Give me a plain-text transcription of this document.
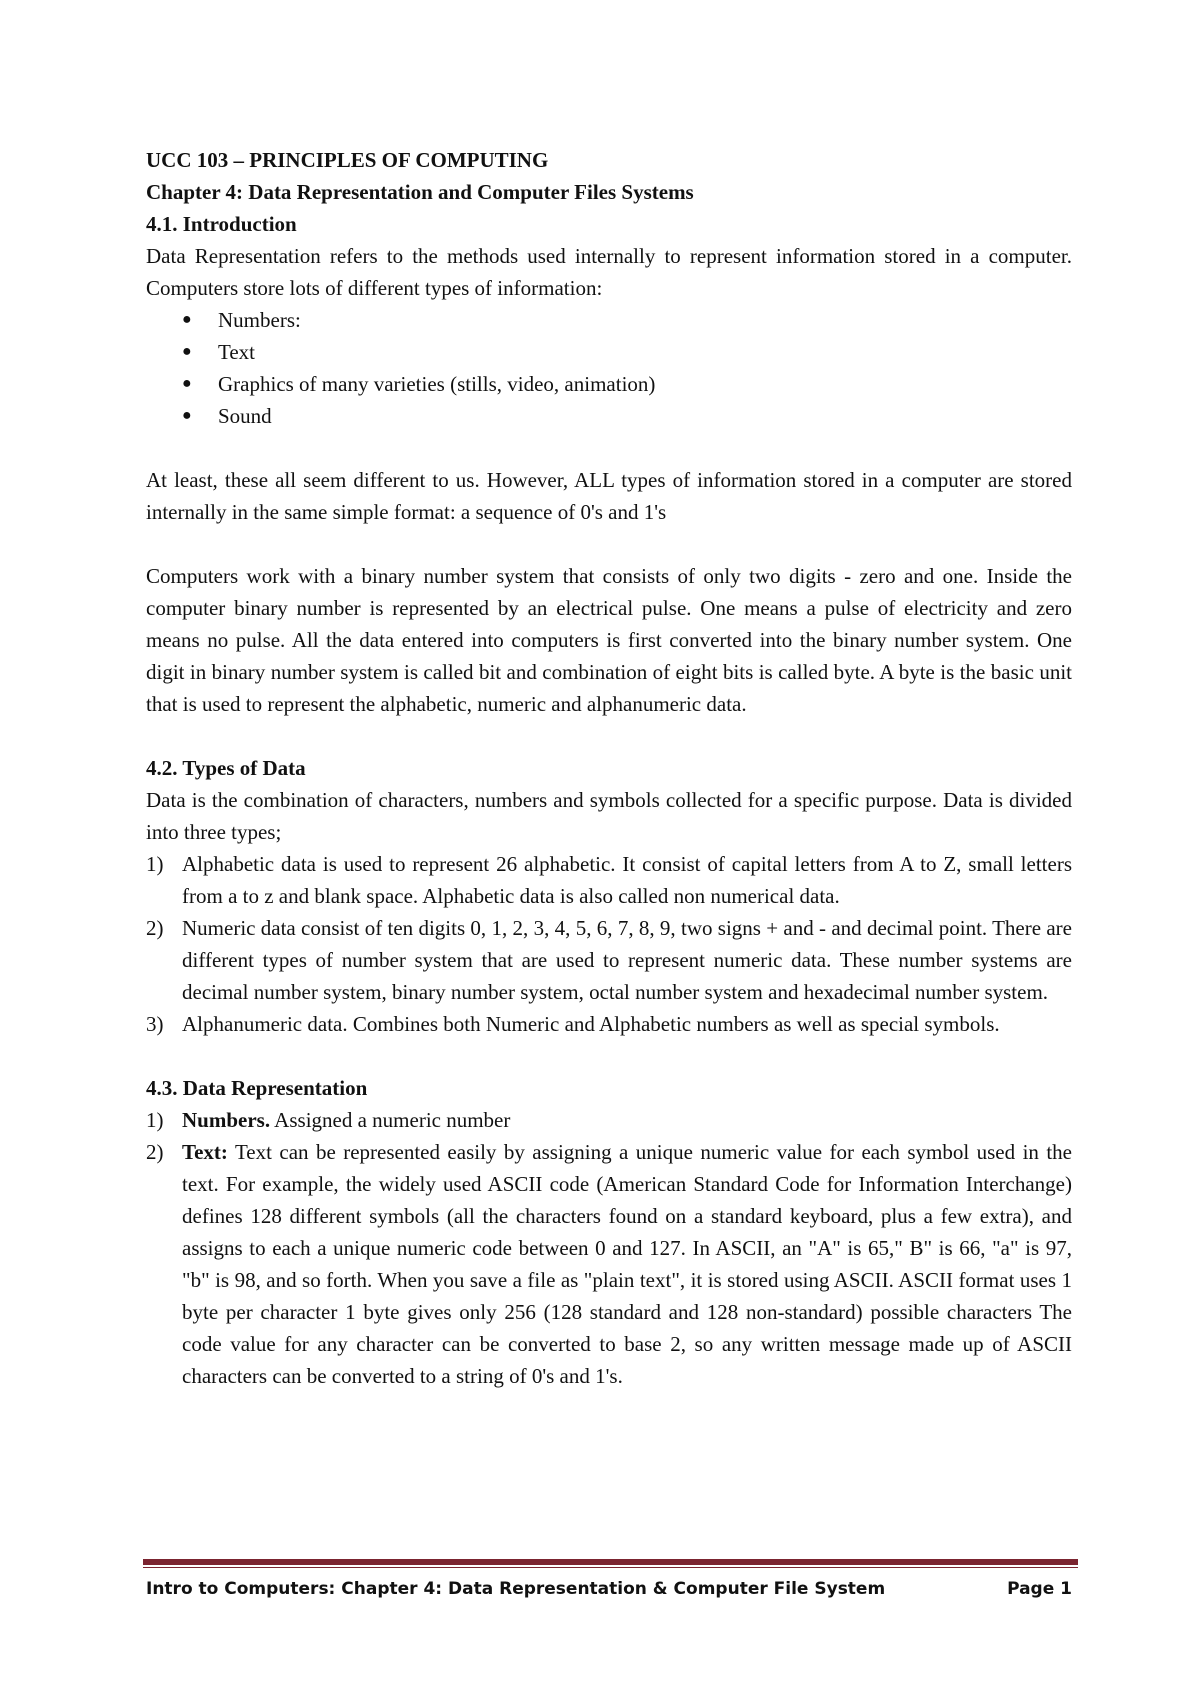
UCC 103 – PRINCIPLES OF COMPUTING
Chapter 4: Data Representation and Computer Files Systems
4.1. Introduction

Data Representation refers to the methods used internally to represent information stored in a computer. Computers store lots of different types of information:

● Numbers:
● Text
● Graphics of many varieties (stills, video, animation)
● Sound

At least, these all seem different to us. However, ALL types of information stored in a computer are stored internally in the same simple format: a sequence of 0's and 1's

Computers work with a binary number system that consists of only two digits - zero and one. Inside the computer binary number is represented by an electrical pulse. One means a pulse of electricity and zero means no pulse. All the data entered into computers is first converted into the binary number system. One digit in binary number system is called bit and combination of eight bits is called byte. A byte is the basic unit that is used to represent the alphabetic, numeric and alphanumeric data.

4.2. Types of Data

Data is the combination of characters, numbers and symbols collected for a specific purpose. Data is divided into three types;

1) Alphabetic data is used to represent 26 alphabetic. It consist of capital letters from A to Z, small letters from a to z and blank space. Alphabetic data is also called non numerical data.
2) Numeric data consist of ten digits 0, 1, 2, 3, 4, 5, 6, 7, 8, 9, two signs + and - and decimal point. There are different types of number system that are used to represent numeric data. These number systems are decimal number system, binary number system, octal number system and hexadecimal number system.
3) Alphanumeric data. Combines both Numeric and Alphabetic numbers as well as special symbols.
4.3. Data Representation
1) Numbers. Assigned a numeric number
2) Text: Text can be represented easily by assigning a unique numeric value for each symbol used in the text. For example, the widely used ASCII code (American Standard Code for Information Interchange) defines 128 different symbols (all the characters found on a standard keyboard, plus a few extra), and assigns to each a unique numeric code between 0 and 127. In ASCII, an "A" is 65," B" is 66, "a" is 97, "b" is 98, and so forth. When you save a file as "plain text", it is stored using ASCII. ASCII format uses 1 byte per character 1 byte gives only 256 (128 standard and 128 non-standard) possible characters The code value for any character can be converted to base 2, so any written message made up of ASCII characters can be converted to a string of 0's and 1's.
Intro to Computers: Chapter 4: Data Representation & Computer File System	Page 1
